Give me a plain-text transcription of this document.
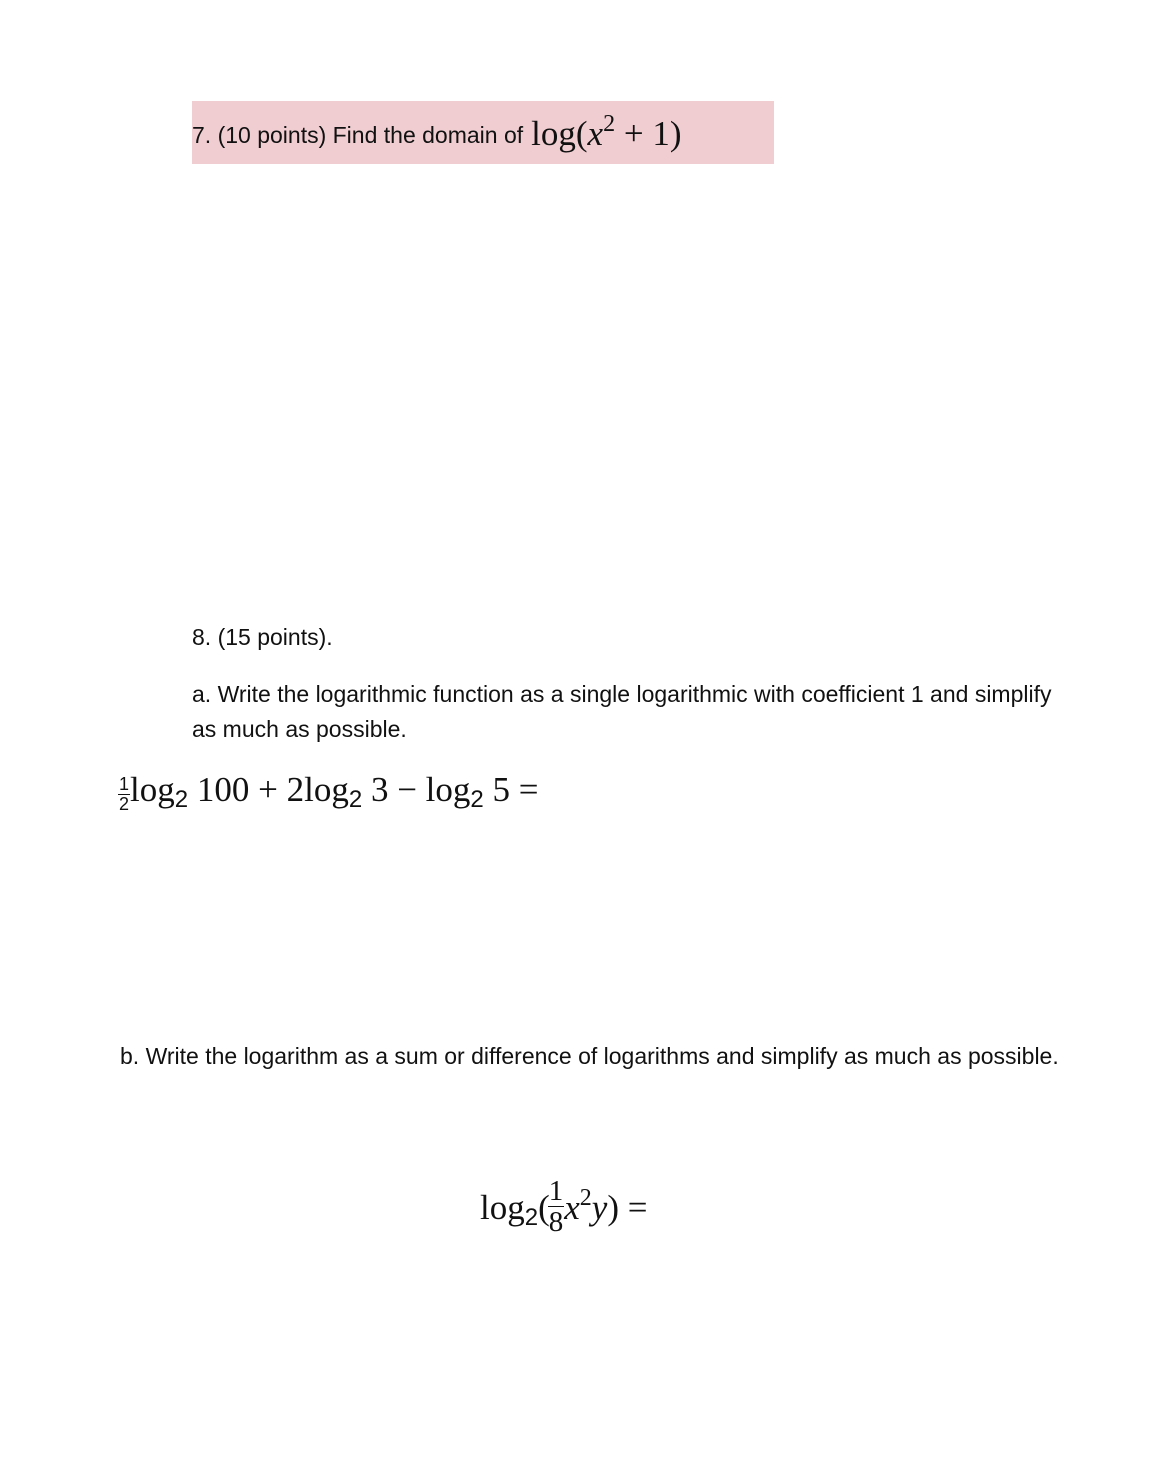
7. (10 points) Find the domain of $\log(x^2 + 1)$
8. (15 points).
a. Write the logarithmic function as a single logarithmic with coefficient 1 and simplify as much as possible.
$\frac{1}{2} \log_2 100 + 2\log_2$ $3 - \log_2 5$ =
b. Write the logarithm as a sum or difference of logarithms and simplify as much as possible.
$\log_2$(
$\frac{1}{8} x^2y$) =
